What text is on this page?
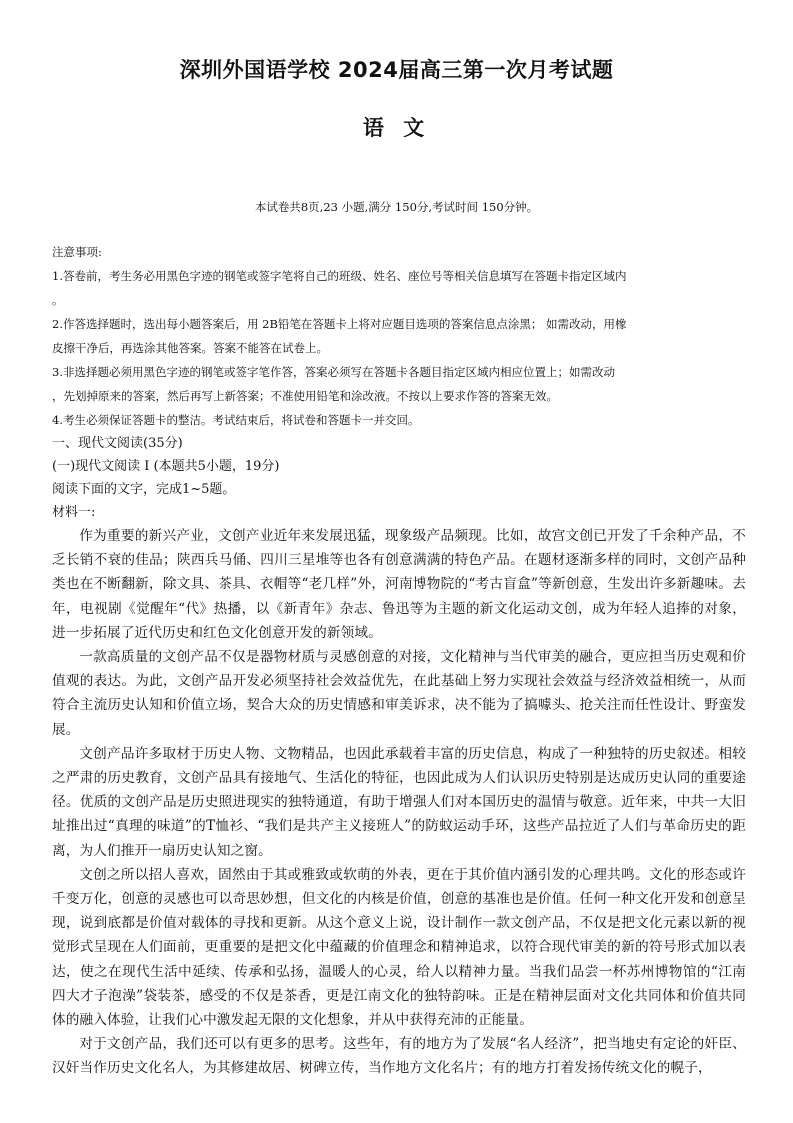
深圳外国语学校 2024届高三第一次月考试题
语 文
本试卷共8页,23 小题,满分 150分,考试时间 150分钟。
注意事项:
1.答卷前，考生务必用黑色字迹的钢笔或签字笔将自己的班级、姓名、座位号等相关信息填写在答题卡指定区域内
。
2.作答选择题时，选出每小题答案后，用 2B铅笔在答题卡上将对应题目选项的答案信息点涂黑； 如需改动，用橡
皮擦干净后，再选涂其他答案。答案不能答在试卷上。
3.非选择题必须用黑色字迹的钢笔或签字笔作答，答案必须写在答题卡各题目指定区域内相应位置上；如需改动
，先划掉原来的答案，然后再写上新答案；不准使用铅笔和涂改液。不按以上要求作答的答案无效。
4.考生必须保证答题卡的整洁。考试结束后，将试卷和答题卡一并交回。
一、现代文阅读(35分)
(一)现代文阅读 I (本题共5小题，19分)
阅读下面的文字，完成1~5题。
材料一:

作为重要的新兴产业，文创产业近年来发展迅猛，现象级产品频现。比如，故宫文创已开发了千余种产品，不乏长销不衰的佳品；陕西兵马俑、四川三星堆等也各有创意满满的特色产品。在题材逐渐多样的同时，文创产品种类也在不断翻新，除文具、茶具、衣帽等“老几样”外，河南博物院的“考古盲盒”等新创意，生发出许多新趣味。去年，电视剧《觉醒年“代》热播，以《新青年》杂志、鲁迅等为主题的新文化运动文创，成为年轻人追捧的对象，进一步拓展了近代历史和红色文化创意开发的新领域。

一款高质量的文创产品不仅是器物材质与灵感创意的对接，文化精神与当代审美的融合，更应担当历史观和价值观的表达。为此，文创产品开发必须坚持社会效益优先，在此基础上努力实现社会效益与经济效益相统一，从而符合主流历史认知和价值立场，契合大众的历史情感和审美诉求，决不能为了搞噱头、抢关注而任性设计、野蛮发展。

文创产品许多取材于历史人物、文物精品，也因此承载着丰富的历史信息，构成了一种独特的历史叙述。相较之严肃的历史教育，文创产品具有接地气、生活化的特征，也因此成为人们认识历史特别是达成历史认同的重要途径。优质的文创产品是历史照进现实的独特通道，有助于增强人们对本国历史的温情与敬意。近年来，中共一大旧址推出过“真理的味道”的T恤衫、“我们是共产主义接班人”的防蚊运动手环，这些产品拉近了人们与革命历史的距离，为人们推开一扇历史认知之窗。

文创之所以招人喜欢，固然由于其或雅致或软萌的外表，更在于其价值内涵引发的心理共鸣。文化的形态或许千变万化，创意的灵感也可以奇思妙想，但文化的内核是价值，创意的基准也是价值。任何一种文化开发和创意呈现，说到底都是价值对载体的寻找和更新。从这个意义上说，设计制作一款文创产品，不仅是把文化元素以新的视觉形式呈现在人们面前，更重要的是把文化中蕴藏的价值理念和精神追求，以符合现代审美的新的符号形式加以表达，使之在现代生活中延续、传承和弘扬，温暖人的心灵，给人以精神力量。当我们品尝一杯苏州博物馆的“江南四大才子泡澡”袋装茶，感受的不仅是茶香，更是江南文化的独特韵味。正是在精神层面对文化共同体和价值共同体的融入体验，让我们心中激发起无限的文化想象，并从中获得充沛的正能量。

对于文创产品，我们还可以有更多的思考。这些年，有的地方为了发展“名人经济”，把当地史有定论的奸臣、汉奸当作历史文化名人，为其修建故居、树碑立传，当作地方文化名片；有的地方打着发扬传统文化的幌子，
